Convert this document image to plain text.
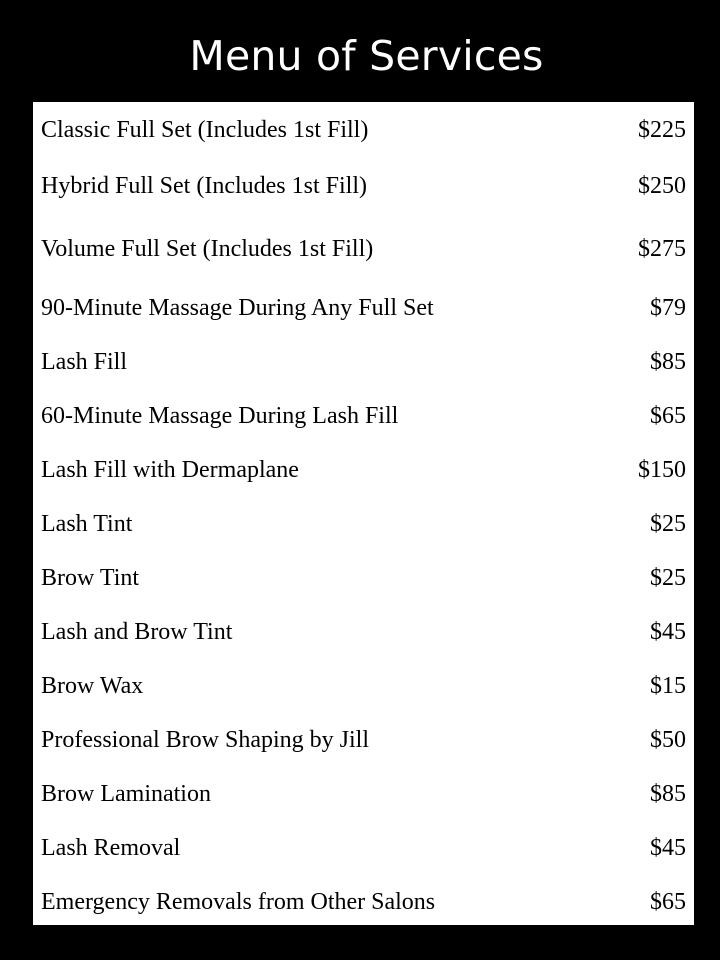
Menu of Services
Classic Full Set (Includes 1st Fill)	$225
Hybrid Full Set (Includes 1st Fill)	$250
Volume Full Set (Includes 1st Fill)	$275
90-Minute Massage During Any Full Set	$79
Lash Fill	$85
60-Minute Massage During Lash Fill	$65
Lash Fill with Dermaplane	$150
Lash Tint	$25
Brow Tint	$25
Lash and Brow Tint	$45
Brow Wax	$15
Professional Brow Shaping by Jill	$50
Brow Lamination	$85
Lash Removal	$45
Emergency Removals from Other Salons	$65
